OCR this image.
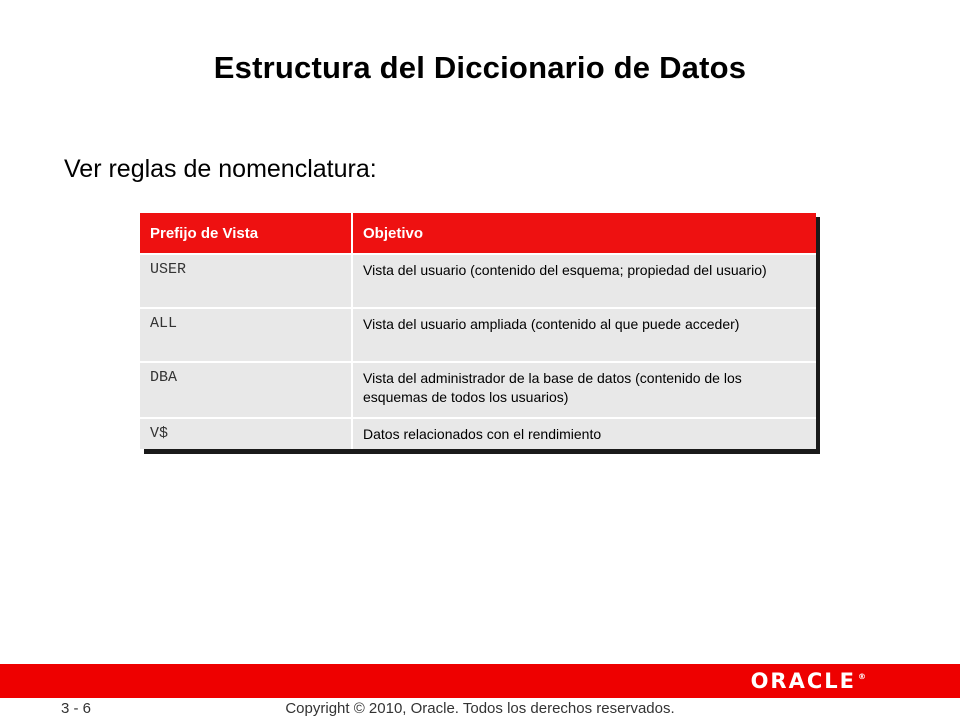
Estructura del Diccionario de Datos
Ver reglas de nomenclatura:
Prefijo de Vista	Objetivo
USER	Vista del usuario (contenido del esquema; propiedad del usuario)
ALL	Vista del usuario ampliada (contenido al que puede acceder)
DBA	Vista del administrador de la base de datos (contenido de los esquemas de todos los usuarios)
V$	Datos relacionados con el rendimiento
ORACLE ®
Copyright © 2010, Oracle. Todos los derechos reservados.
3 - 6
